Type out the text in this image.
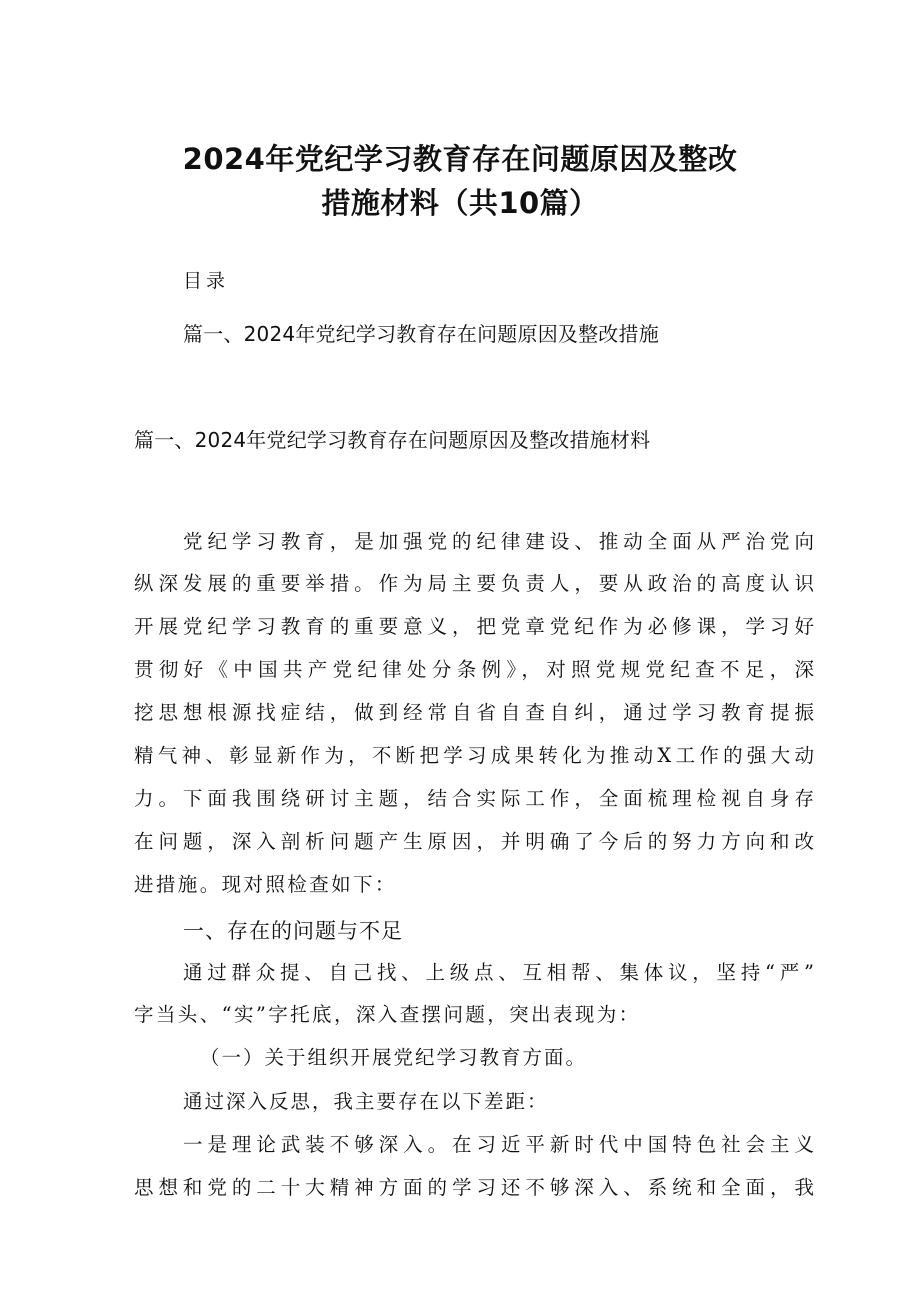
2024年党纪学习教育存在问题原因及整改
措施材料（共10篇）
目录
篇一、2024年党纪学习教育存在问题原因及整改措施
篇一、2024年党纪学习教育存在问题原因及整改措施材料
党纪学习教育，是加强党的纪律建设、推动全面从严治党向
纵深发展的重要举措。作为局主要负责人，要从政治的高度认识
开展党纪学习教育的重要意义，把党章党纪作为必修课，学习好
贯彻好《中国共产党纪律处分条例》，对照党规党纪查不足，深
挖思想根源找症结，做到经常自省自查自纠，通过学习教育提振
精气神、彰显新作为，不断把学习成果转化为推动X工作的强大动
力。下面我围绕研讨主题，结合实际工作，全面梳理检视自身存
在问题，深入剖析问题产生原因，并明确了今后的努力方向和改
进措施。现对照检查如下：
一、存在的问题与不足
通过群众提、自己找、上级点、互相帮、集体议，坚持“严”
字当头、“实”字托底，深入查摆问题，突出表现为：
（一）关于组织开展党纪学习教育方面。
通过深入反思，我主要存在以下差距：
一是理论武装不够深入。在习近平新时代中国特色社会主义
思想和党的二十大精神方面的学习还不够深入、系统和全面，我
